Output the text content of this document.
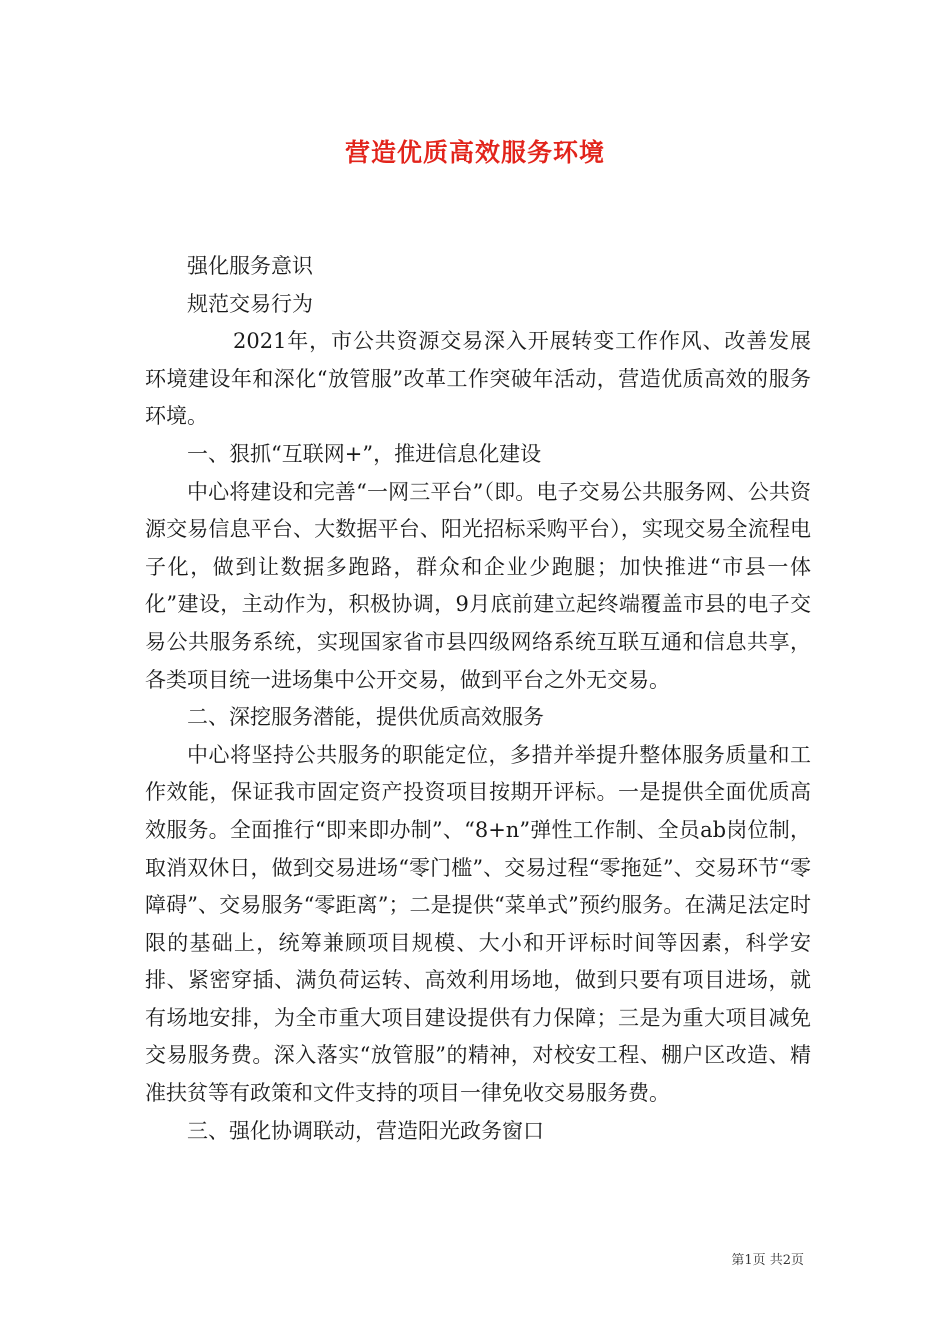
营造优质高效服务环境

强化服务意识

规范交易行为

2021年，市公共资源交易深入开展转变工作作风、改善发展环境建设年和深化“放管服”改革工作突破年活动，营造优质高效的服务环境。

一、狠抓“互联网+”，推进信息化建设

中心将建设和完善“一网三平台”（即。电子交易公共服务网、公共资源交易信息平台、大数据平台、阳光招标采购平台），实现交易全流程电子化，做到让数据多跑路，群众和企业少跑腿；加快推进“市县一体化”建设，主动作为，积极协调，9月底前建立起终端覆盖市县的电子交易公共服务系统，实现国家省市县四级网络系统互联互通和信息共享，各类项目统一进场集中公开交易，做到平台之外无交易。

二、深挖服务潜能，提供优质高效服务

中心将坚持公共服务的职能定位，多措并举提升整体服务质量和工作效能，保证我市固定资产投资项目按期开评标。一是提供全面优质高效服务。全面推行“即来即办制”、“8+n”弹性工作制、全员ab岗位制，取消双休日，做到交易进场“零门槛”、交易过程“零拖延”、交易环节“零障碍”、交易服务“零距离”；二是提供“菜单式”预约服务。在满足法定时限的基础上，统筹兼顾项目规模、大小和开评标时间等因素，科学安排、紧密穿插、满负荷运转、高效利用场地，做到只要有项目进场，就有场地安排，为全市重大项目建设提供有力保障；三是为重大项目减免交易服务费。深入落实“放管服”的精神，对校安工程、棚户区改造、精准扶贫等有政策和文件支持的项目一律免收交易服务费。

三、强化协调联动，营造阳光政务窗口

第1页 共2页
